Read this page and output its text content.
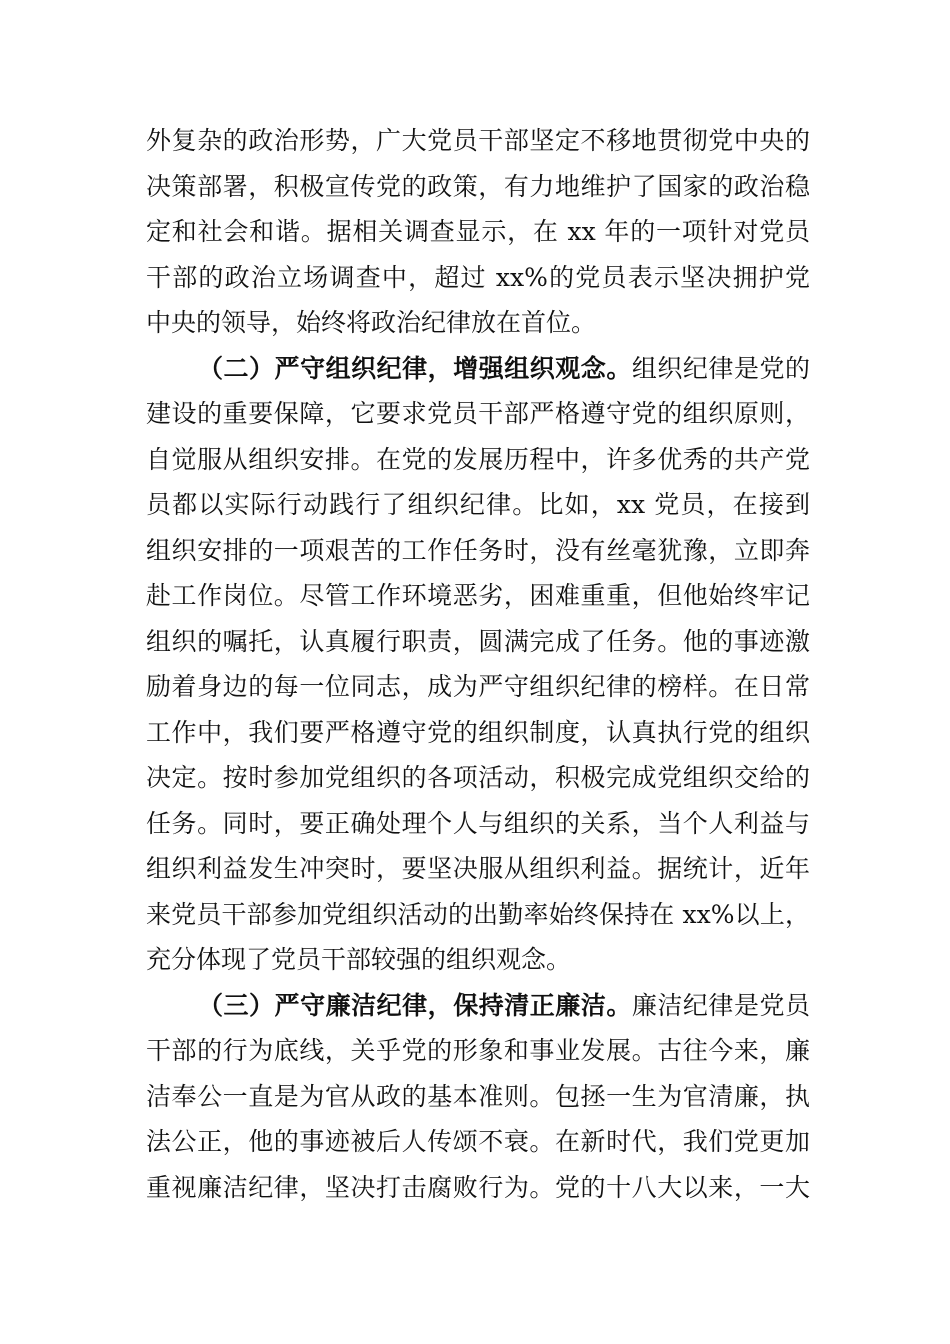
外复杂的政治形势，广大党员干部坚定不移地贯彻党中央的
决策部署，积极宣传党的政策，有力地维护了国家的政治稳
定和社会和谐。据相关调查显示，在 xx 年的一项针对党员
干部的政治立场调查中，超过 xx%的党员表示坚决拥护党
中央的领导，始终将政治纪律放在首位。
（二）严守组织纪律，增强组织观念。组织纪律是党的
建设的重要保障，它要求党员干部严格遵守党的组织原则，
自觉服从组织安排。在党的发展历程中，许多优秀的共产党
员都以实际行动践行了组织纪律。比如，xx 党员，在接到
组织安排的一项艰苦的工作任务时，没有丝毫犹豫，立即奔
赴工作岗位。尽管工作环境恶劣，困难重重，但他始终牢记
组织的嘱托，认真履行职责，圆满完成了任务。他的事迹激
励着身边的每一位同志，成为严守组织纪律的榜样。在日常
工作中，我们要严格遵守党的组织制度，认真执行党的组织
决定。按时参加党组织的各项活动，积极完成党组织交给的
任务。同时，要正确处理个人与组织的关系，当个人利益与
组织利益发生冲突时，要坚决服从组织利益。据统计，近年
来党员干部参加党组织活动的出勤率始终保持在 xx%以上，
充分体现了党员干部较强的组织观念。
（三）严守廉洁纪律，保持清正廉洁。廉洁纪律是党员
干部的行为底线，关乎党的形象和事业发展。古往今来，廉
洁奉公一直是为官从政的基本准则。包拯一生为官清廉，执
法公正，他的事迹被后人传颂不衰。在新时代，我们党更加
重视廉洁纪律，坚决打击腐败行为。党的十八大以来，一大
